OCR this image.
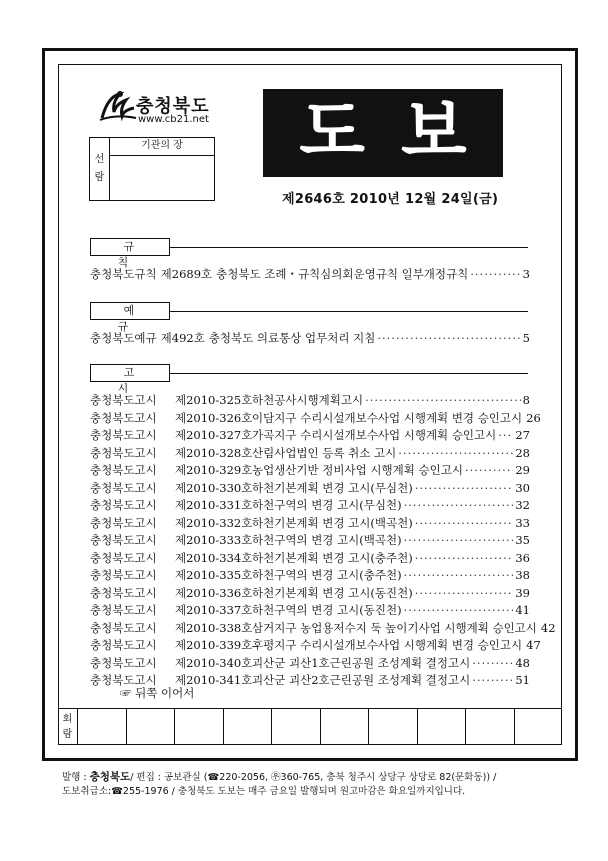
충청북도
www.cb21.net 도보
선
람
기관의 장
제2646호 2010년 12월 24일(금)
규 칙
충청북도규칙 제2689호 충청북도 조례・규칙심의회운영규칙 일부개정규칙 ·····	3
예 규
충청북도예규 제492호 충청북도 의료통상 업무처리 지침 ·····	5
고 시
충청북도고시	제2010-325호 하천공사시행계획고시 ·····	8
충청북도고시	제2010-326호 이담지구 수리시설개보수사업 시행계획 변경 승인고시 26
충청북도고시	제2010-327호 가곡지구 수리시설개보수사업 시행계획 승인고시 ····· 27
충청북도고시	제2010-328호 산림사업법인 등록 취소 고시 ·····	28
충청북도고시	제2010-329호 농업생산기반 정비사업 시행계획 승인고시 ·····	29
충청북도고시	제2010-330호 하천기본계획 변경 고시(무심천) ·····	30
충청북도고시	제2010-331호 하천구역의 변경 고시(무심천) ·····	32
충청북도고시	제2010-332호 하천기본계획 변경 고시(백곡천) ·····	33
충청북도고시	제2010-333호 하천구역의 변경 고시(백곡천) ·····	35
충청북도고시	제2010-334호 하천기본계획 변경 고시(충주천) ·····	36
충청북도고시	제2010-335호 하천구역의 변경 고시(충주천) ·····	38
충청북도고시	제2010-336호 하천기본계획 변경 고시(동진천) ·····	39
충청북도고시	제2010-337호 하천구역의 변경 고시(동진천) ·····	41
충청북도고시	제2010-338호 삼거지구 농업용저수지 둑 높이기사업 시행계획 승인고시 42
충청북도고시	제2010-339호 후평지구 수리시설개보수사업 시행계획 변경 승인고시 47
충청북도고시	제2010-340호 괴산군 괴산1호근린공원 조성계획 결정고시 ·····	48
충청북도고시	제2010-341호 괴산군 괴산2호근린공원 조성계획 결정고시 ·····	51
☞ 뒤쪽 이어서
회
람
발행 : 충청북도/ 편집 : 공보관실 (☎220-2056, ㉾360-765, 충북 청주시 상당구 상당로 82(문화동)) /
도보취급소:☎255-1976 / 충청북도 도보는 매주 금요일 발행되며 원고마감은 화요일까지입니다.
